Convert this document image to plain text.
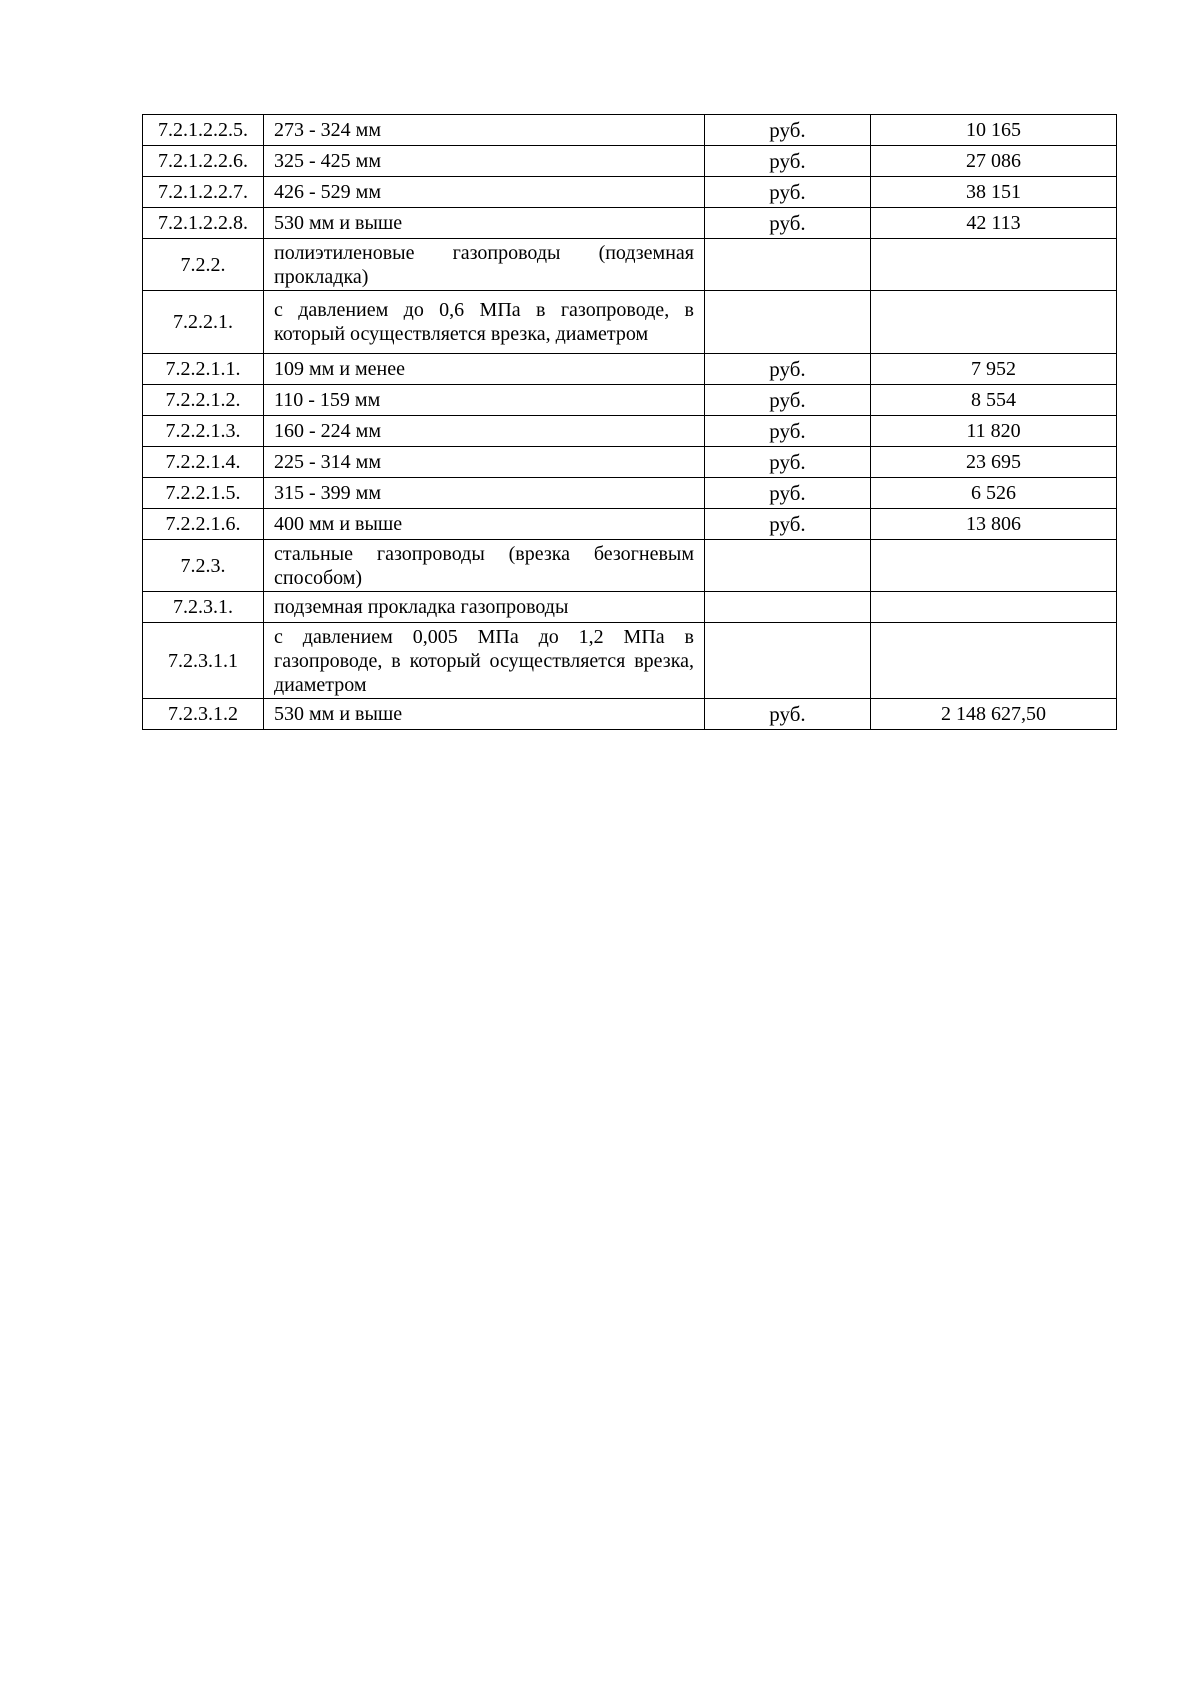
7.2.1.2.2.5.	273 - 324 мм	руб.	10 165
7.2.1.2.2.6.	325 - 425 мм	руб.	27 086
7.2.1.2.2.7.	426 - 529 мм	руб.	38 151
7.2.1.2.2.8.	530 мм и выше	руб.	42 113
7.2.2.	полиэтиленовые газопроводы (подземная прокладка)		

7.2.2.1.	с давлением до 0,6 МПа в газопроводе, в который осуществляется врезка, диаметром		

7.2.2.1.1.	109 мм и менее	руб.	7 952
7.2.2.1.2.	110 - 159 мм	руб.	8 554
7.2.2.1.3.	160 - 224 мм	руб.	11 820
7.2.2.1.4.	225 - 314 мм	руб.	23 695
7.2.2.1.5.	315 - 399 мм	руб.	6 526
7.2.2.1.6.	400 мм и выше	руб.	13 806
7.2.3.	стальные газопроводы (врезка безогневым способом)		

7.2.3.1.	подземная прокладка газопроводы		
7.2.3.1.1	с давлением 0,005 МПа до 1,2 МПа в газопроводе, в который осуществляется врезка, диаметром		

7.2.3.1.2	530 мм и выше	руб.	2 148 627,50
